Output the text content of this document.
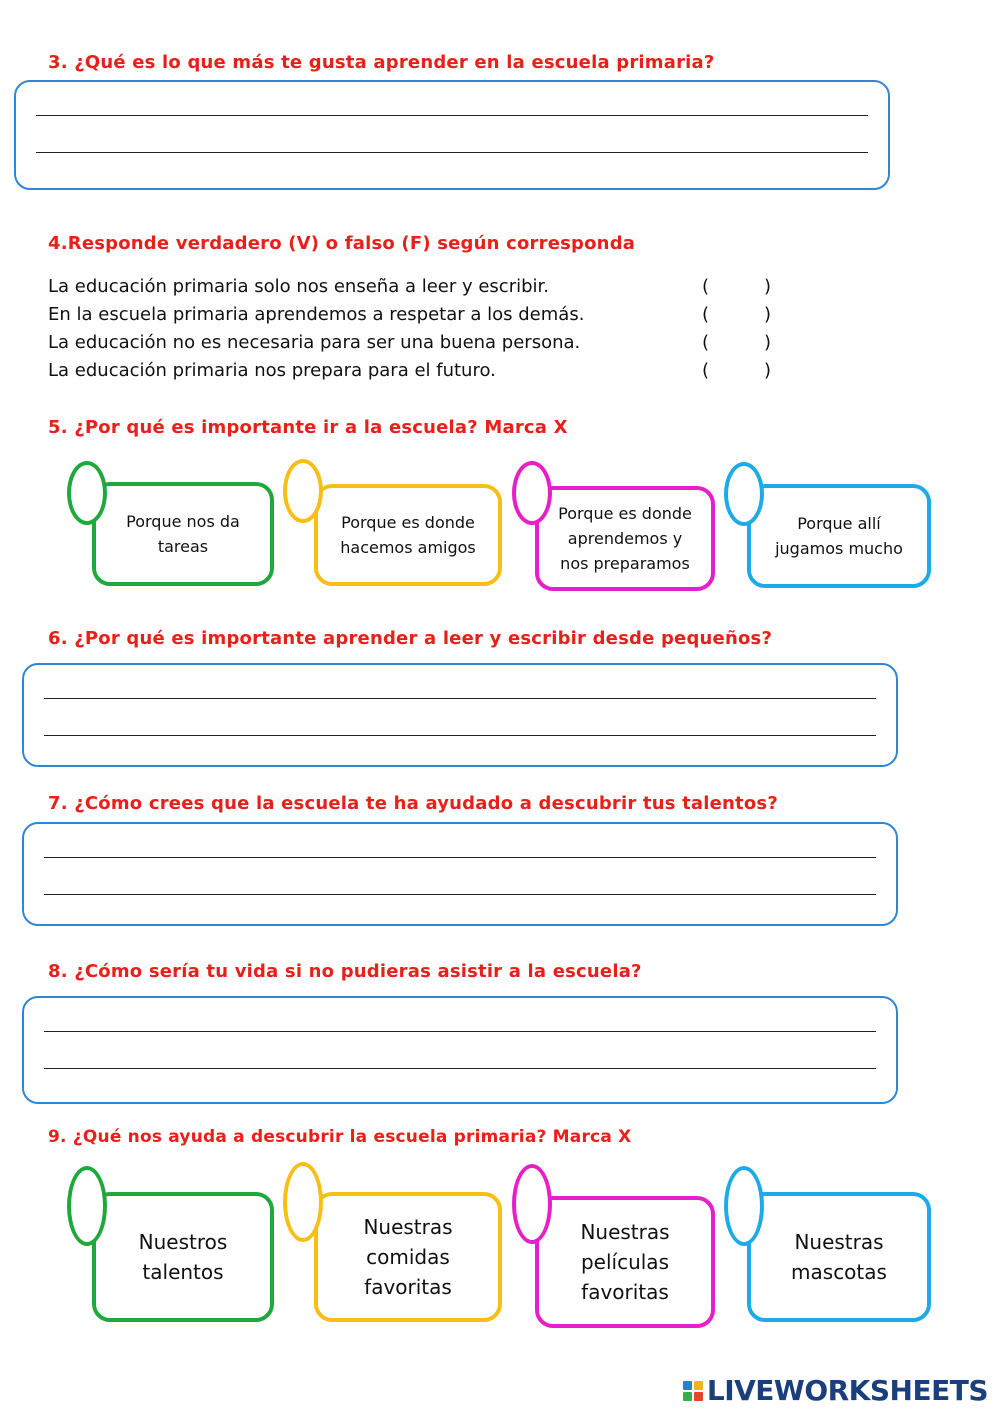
3. ¿Qué es lo que más te gusta aprender en la escuela primaria?
4.Responde verdadero (V) o falso (F) según corresponda
La educación primaria solo nos enseña a leer y escribir.	(	)
En la escuela primaria aprendemos a respetar a los demás.	(	)
La educación no es necesaria para ser una buena persona.	(	)
La educación primaria nos prepara para el futuro.	(	)
5. ¿Por qué es importante ir a la escuela? Marca X
Porque nos da
tareas
Porque es donde
hacemos amigos
Porque es donde
aprendemos y
nos preparamos
Porque allí
jugamos mucho
6. ¿Por qué es importante aprender a leer y escribir desde pequeños?
7. ¿Cómo crees que la escuela te ha ayudado a descubrir tus talentos?
8. ¿Cómo sería tu vida si no pudieras asistir a la escuela?
9. ¿Qué nos ayuda a descubrir la escuela primaria? Marca X
Nuestros
talentos
Nuestras
comidas
favoritas
Nuestras
películas
favoritas
Nuestras
mascotas
LIVEWORKSHEETS
